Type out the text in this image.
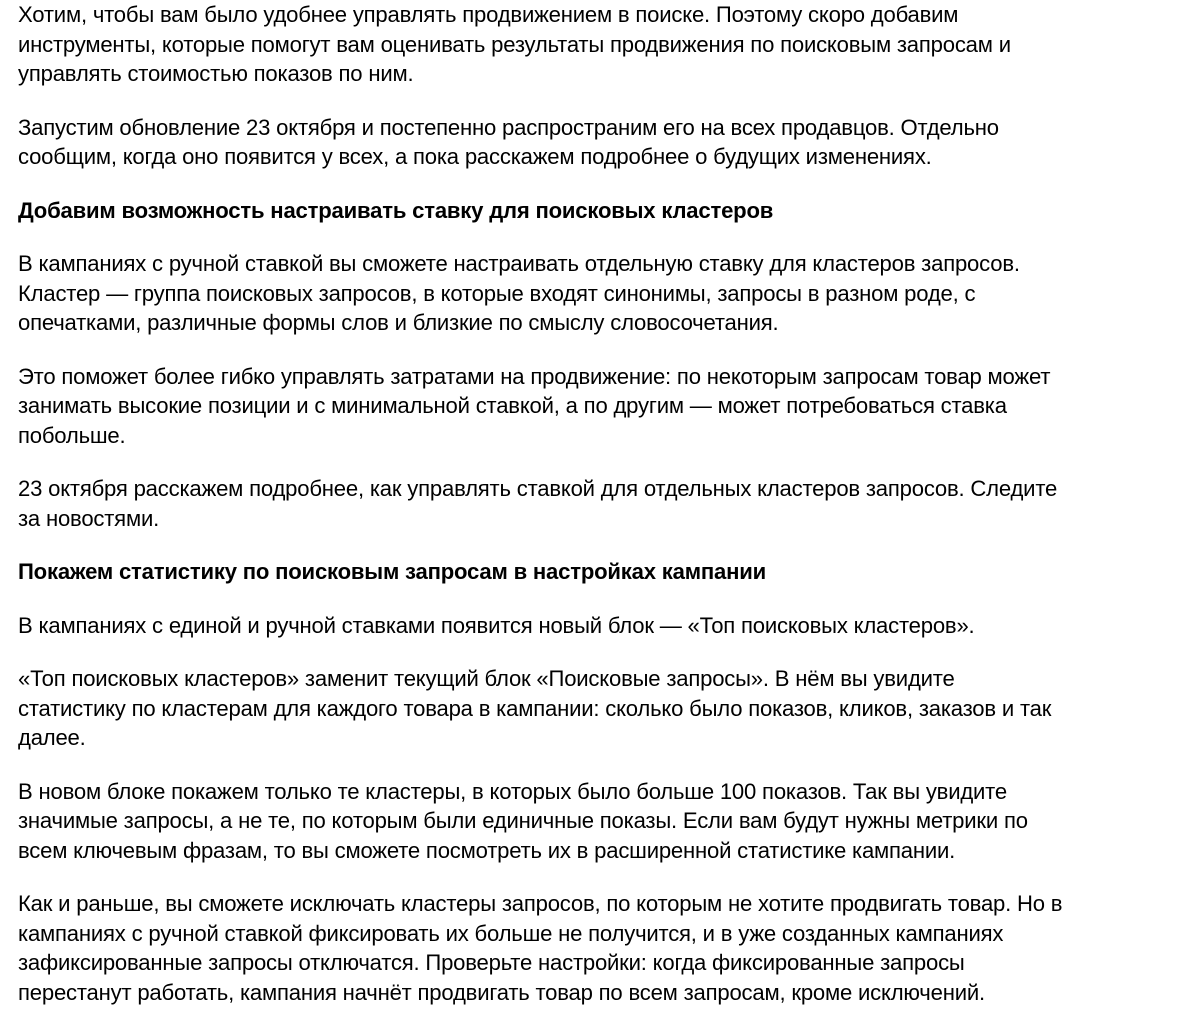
Хотим, чтобы вам было удобнее управлять продвижением в поиске. Поэтому скоро добавим
инструменты, которые помогут вам оценивать результаты продвижения по поисковым запросам и
управлять стоимостью показов по ним.
Запустим обновление 23 октября и постепенно распространим его на всех продавцов. Отдельно
сообщим, когда оно появится у всех, а пока расскажем подробнее о будущих изменениях.
Добавим возможность настраивать ставку для поисковых кластеров
В кампаниях с ручной ставкой вы сможете настраивать отдельную ставку для кластеров запросов.
Кластер — группа поисковых запросов, в которые входят синонимы, запросы в разном роде, с
опечатками, различные формы слов и близкие по смыслу словосочетания.
Это поможет более гибко управлять затратами на продвижение: по некоторым запросам товар может
занимать высокие позиции и с минимальной ставкой, а по другим — может потребоваться ставка
побольше.
23 октября расскажем подробнее, как управлять ставкой для отдельных кластеров запросов. Следите
за новостями.
Покажем статистику по поисковым запросам в настройках кампании
В кампаниях с единой и ручной ставками появится новый блок — «Топ поисковых кластеров».
«Топ поисковых кластеров» заменит текущий блок «Поисковые запросы». В нём вы увидите
статистику по кластерам для каждого товара в кампании: сколько было показов, кликов, заказов и так
далее.
В новом блоке покажем только те кластеры, в которых было больше 100 показов. Так вы увидите
значимые запросы, а не те, по которым были единичные показы. Если вам будут нужны метрики по
всем ключевым фразам, то вы сможете посмотреть их в расширенной статистике кампании.
Как и раньше, вы сможете исключать кластеры запросов, по которым не хотите продвигать товар. Но в
кампаниях с ручной ставкой фиксировать их больше не получится, и в уже созданных кампаниях
зафиксированные запросы отключатся. Проверьте настройки: когда фиксированные запросы
перестанут работать, кампания начнёт продвигать товар по всем запросам, кроме исключений.
